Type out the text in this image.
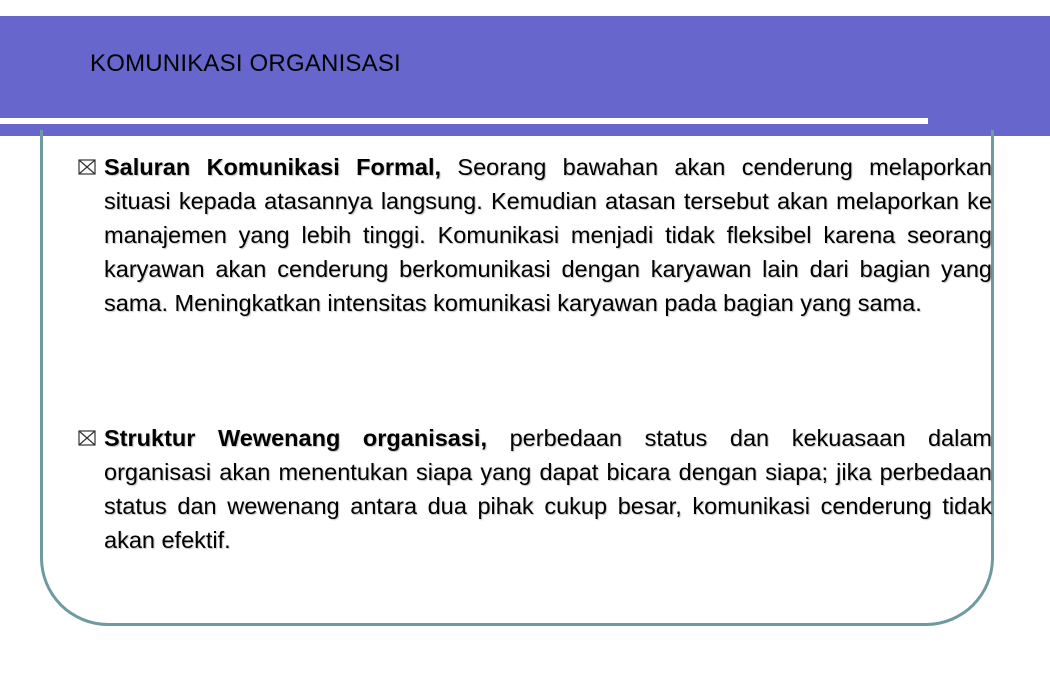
KOMUNIKASI ORGANISASI
Saluran Komunikasi Formal, Seorang bawahan akan cenderung melaporkan situasi kepada atasannya langsung. Kemudian atasan tersebut akan melaporkan ke manajemen yang lebih tinggi. Komunikasi menjadi tidak fleksibel karena seorang karyawan akan cenderung berkomunikasi dengan karyawan lain dari bagian yang sama. Meningkatkan intensitas komunikasi karyawan pada bagian yang sama.
Struktur Wewenang organisasi, perbedaan status dan kekuasaan dalam organisasi akan menentukan siapa yang dapat bicara dengan siapa; jika perbedaan status dan wewenang antara dua pihak cukup besar, komunikasi cenderung tidak akan efektif.
